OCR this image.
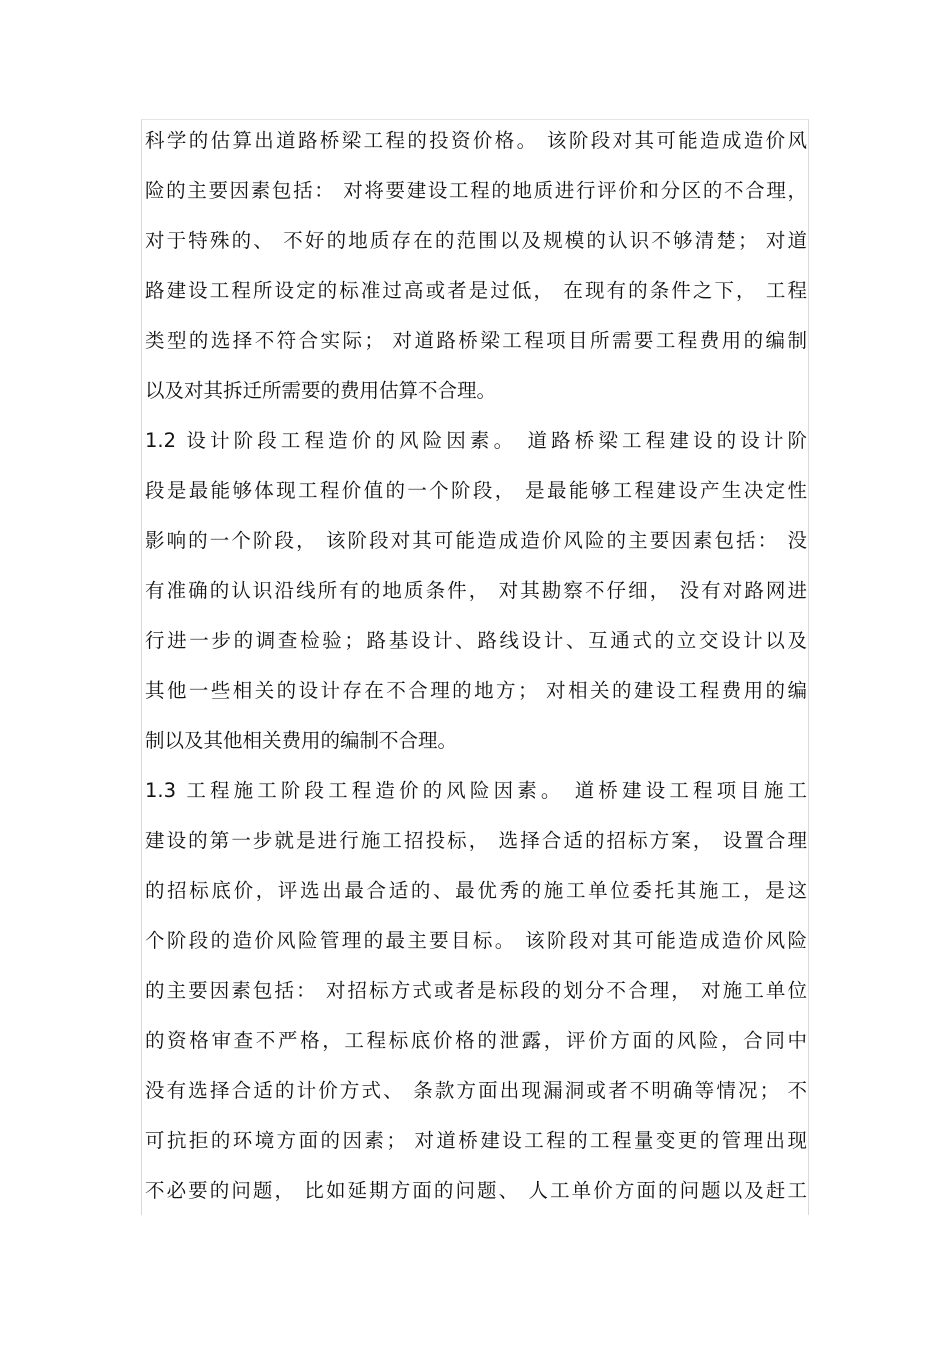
科学的估算出道路桥梁工程的投资价格。 该阶段对其可能造成造价风
险的主要因素包括： 对将要建设工程的地质进行评价和分区的不合理，
对于特殊的、 不好的地质存在的范围以及规模的认识不够清楚； 对道
路建设工程所设定的标准过高或者是过低， 在现有的条件之下， 工程
类型的选择不符合实际； 对道路桥梁工程项目所需要工程费用的编制
以及对其拆迁所需要的费用估算不合理。
1.2 设计阶段工程造价的风险因素。 道路桥梁工程建设的设计阶
段是最能够体现工程价值的一个阶段， 是最能够工程建设产生决定性
影响的一个阶段， 该阶段对其可能造成造价风险的主要因素包括： 没
有准确的认识沿线所有的地质条件， 对其勘察不仔细， 没有对路网进
行进一步的调查检验；路基设计、路线设计、互通式的立交设计以及
其他一些相关的设计存在不合理的地方； 对相关的建设工程费用的编
制以及其他相关费用的编制不合理。
1.3 工程施工阶段工程造价的风险因素。 道桥建设工程项目施工
建设的第一步就是进行施工招投标， 选择合适的招标方案， 设置合理
的招标底价，评选出最合适的、最优秀的施工单位委托其施工，是这
个阶段的造价风险管理的最主要目标。 该阶段对其可能造成造价风险
的主要因素包括： 对招标方式或者是标段的划分不合理， 对施工单位
的资格审查不严格，工程标底价格的泄露，评价方面的风险，合同中
没有选择合适的计价方式、 条款方面出现漏洞或者不明确等情况； 不
可抗拒的环境方面的因素； 对道桥建设工程的工程量变更的管理出现
不必要的问题， 比如延期方面的问题、 人工单价方面的问题以及赶工
